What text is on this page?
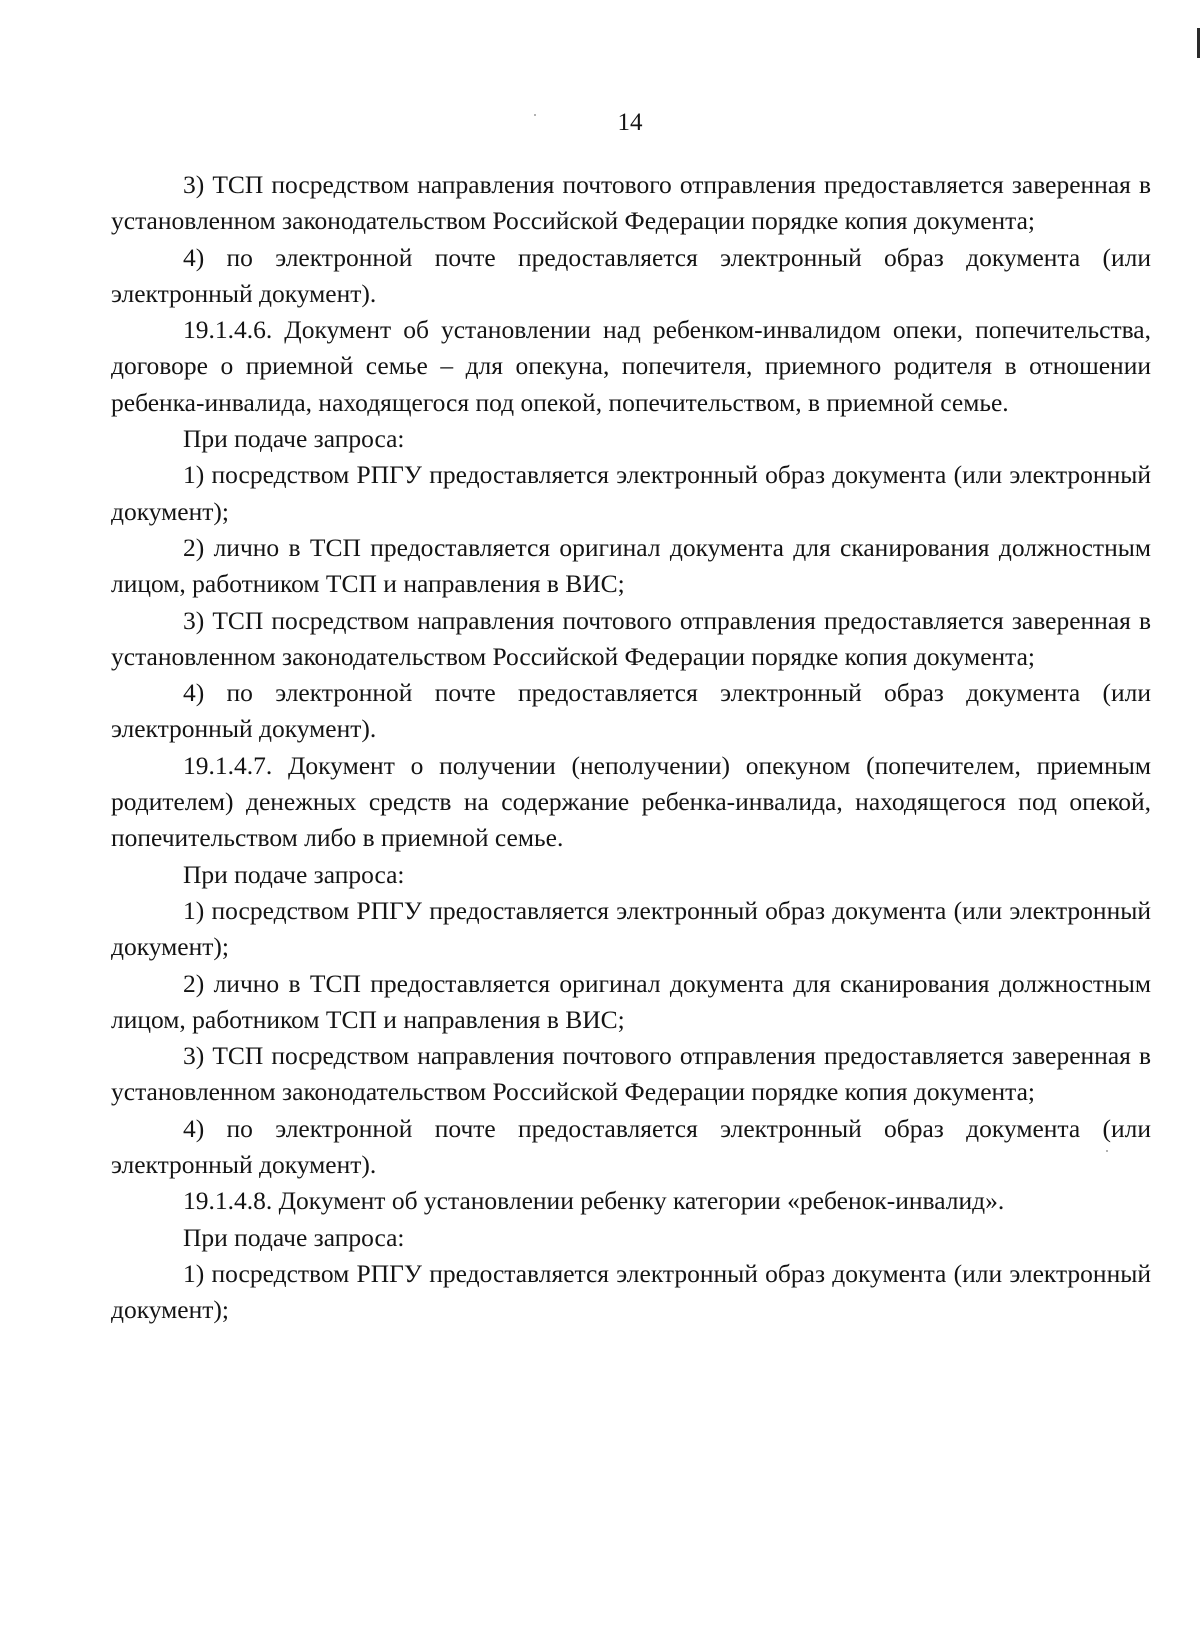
14

3) ТСП посредством направления почтового отправления предоставляется заверенная в установленном законодательством Российской Федерации порядке копия документа;

4) по электронной почте предоставляется электронный образ документа (или электронный документ).

19.1.4.6. Документ об установлении над ребенком-инвалидом опеки, попечительства, договоре о приемной семье – для опекуна, попечителя, приемного родителя в отношении ребенка-инвалида, находящегося под опекой, попечительством, в приемной семье.

При подаче запроса:

1) посредством РПГУ предоставляется электронный образ документа (или электронный документ);

2) лично в ТСП предоставляется оригинал документа для сканирования должностным лицом, работником ТСП и направления в ВИС;

3) ТСП посредством направления почтового отправления предоставляется заверенная в установленном законодательством Российской Федерации порядке копия документа;

4) по электронной почте предоставляется электронный образ документа (или электронный документ).

19.1.4.7. Документ о получении (неполучении) опекуном (попечителем, приемным родителем) денежных средств на содержание ребенка-инвалида, находящегося под опекой, попечительством либо в приемной семье.

При подаче запроса:

1) посредством РПГУ предоставляется электронный образ документа (или электронный документ);

2) лично в ТСП предоставляется оригинал документа для сканирования должностным лицом, работником ТСП и направления в ВИС;

3) ТСП посредством направления почтового отправления предоставляется заверенная в установленном законодательством Российской Федерации порядке копия документа;

4) по электронной почте предоставляется электронный образ документа (или электронный документ).

19.1.4.8. Документ об установлении ребенку категории «ребенок-инвалид».

При подаче запроса:

1) посредством РПГУ предоставляется электронный образ документа (или электронный документ);
